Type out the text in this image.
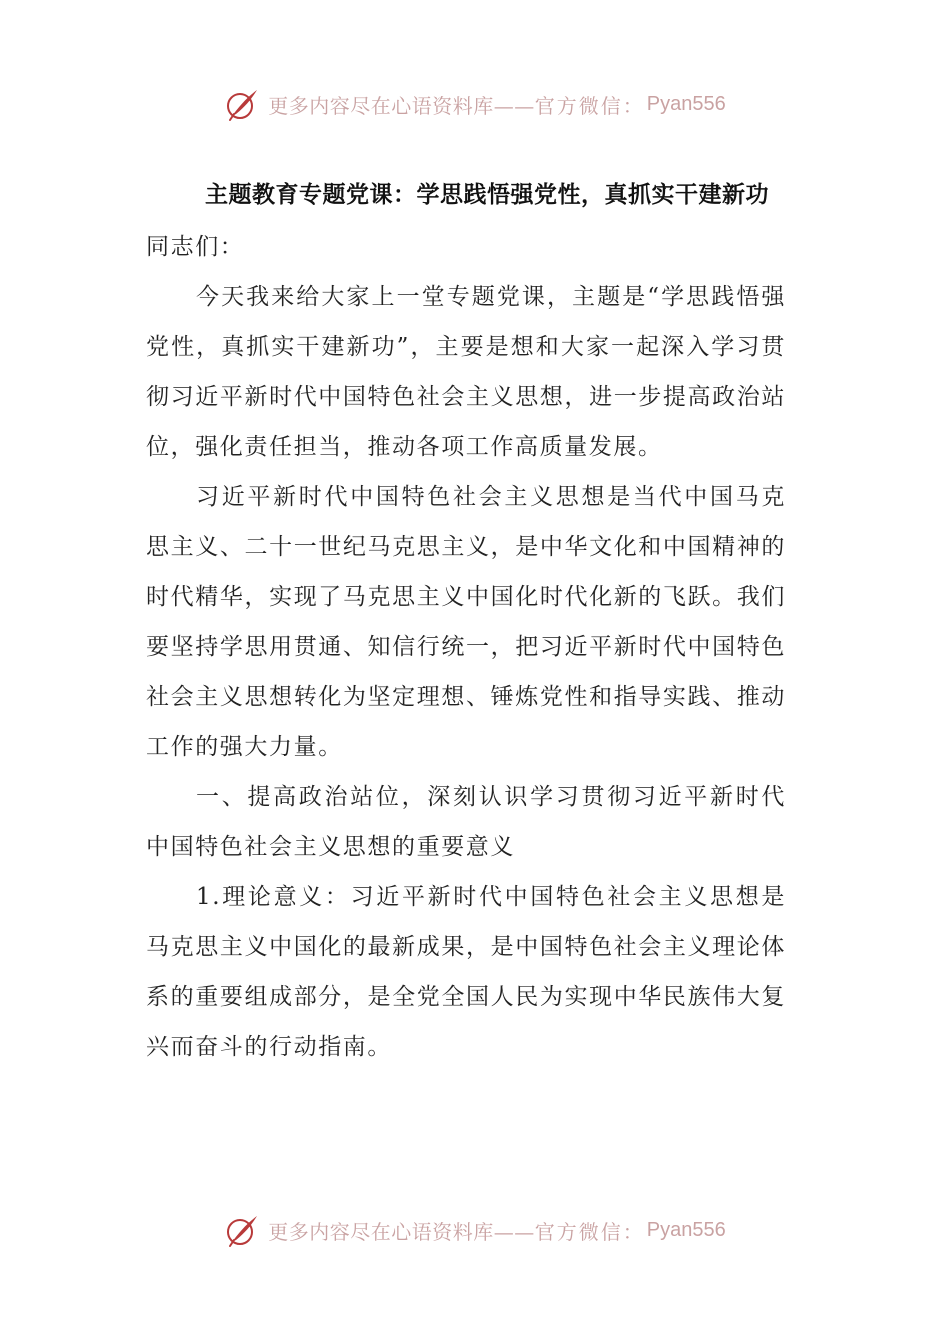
更多内容尽在心语资料库—— 官方微信： Pyan556
主题教育专题党课：学思践悟强党性，真抓实干建新功

同志们：

今天我来给大家上一堂专题党课，主题是“学思践悟强党性，真抓实干建新功”，主要是想和大家一起深入学习贯彻习近平新时代中国特色社会主义思想，进一步提高政治站位，强化责任担当，推动各项工作高质量发展。

习近平新时代中国特色社会主义思想是当代中国马克思主义、二十一世纪马克思主义，是中华文化和中国精神的时代精华，实现了马克思主义中国化时代化新的飞跃。我们要坚持学思用贯通、知信行统一，把习近平新时代中国特色社会主义思想转化为坚定理想、锤炼党性和指导实践、推动工作的强大力量。

一、提高政治站位，深刻认识学习贯彻习近平新时代中国特色社会主义思想的重要意义

1.理论意义：习近平新时代中国特色社会主义思想是马克思主义中国化的最新成果，是中国特色社会主义理论体系的重要组成部分，是全党全国人民为实现中华民族伟大复兴而奋斗的行动指南。

更多内容尽在心语资料库—— 官方微信： Pyan556
